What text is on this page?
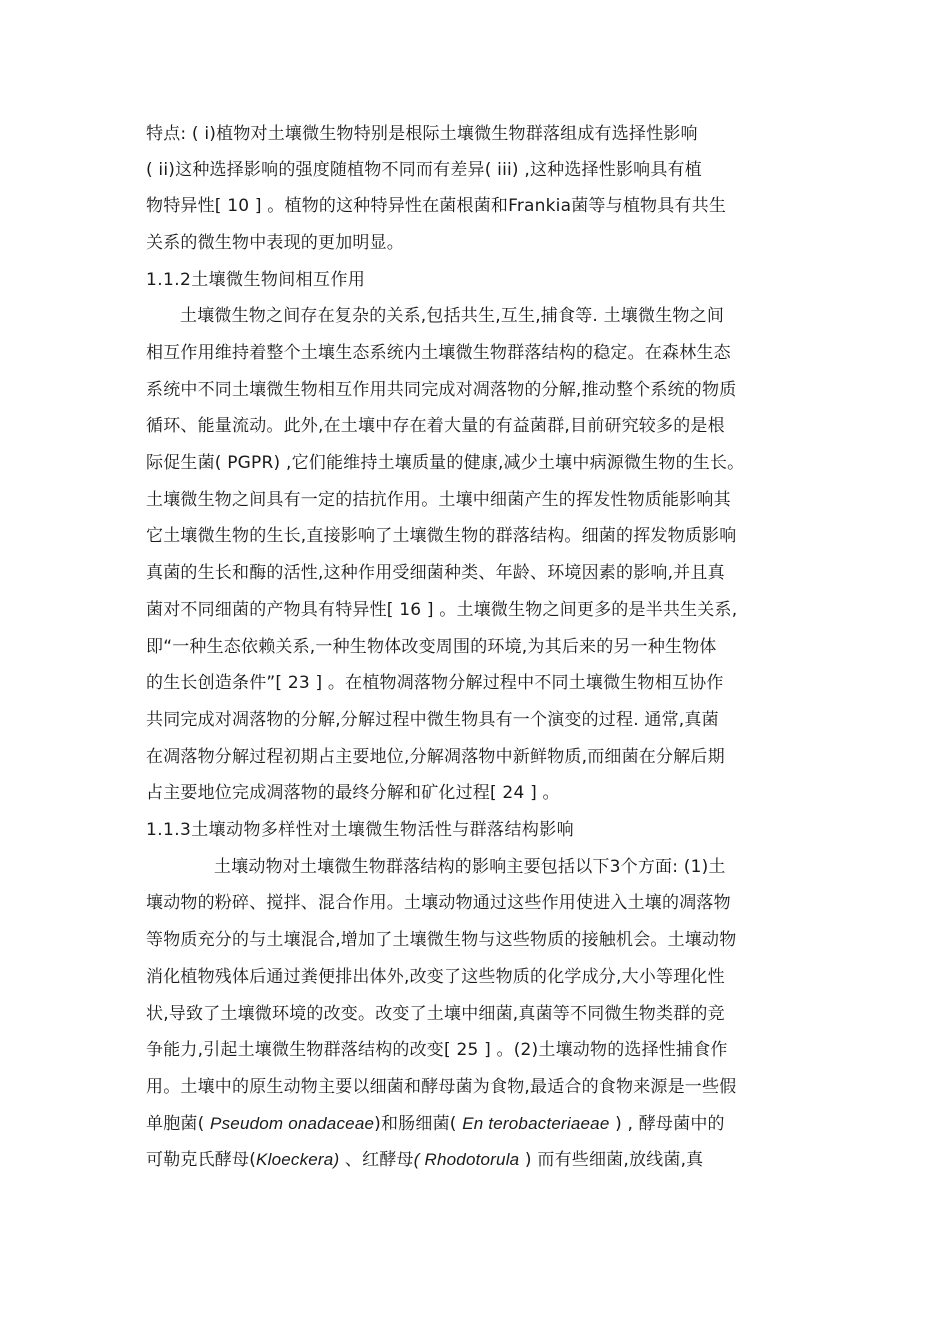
特点: ( i)植物对土壤微生物特别是根际土壤微生物群落组成有选择性影响
( ii)这种选择影响的强度随植物不同而有差异( iii) ,这种选择性影响具有植
物特异性[ 10 ] 。植物的这种特异性在菌根菌和Frankia菌等与植物具有共生
关系的微生物中表现的更加明显。
1.1.2土壤微生物间相互作用
土壤微生物之间存在复杂的关系,包括共生,互生,捕食等. 土壤微生物之间
相互作用维持着整个土壤生态系统内土壤微生物群落结构的稳定。在森林生态
系统中不同土壤微生物相互作用共同完成对凋落物的分解,推动整个系统的物质
循环、能量流动。此外,在土壤中存在着大量的有益菌群,目前研究较多的是根
际促生菌( PGPR) ,它们能维持土壤质量的健康,减少土壤中病源微生物的生长。
土壤微生物之间具有一定的拮抗作用。土壤中细菌产生的挥发性物质能影响其
它土壤微生物的生长,直接影响了土壤微生物的群落结构。细菌的挥发物质影响
真菌的生长和酶的活性,这种作用受细菌种类、年龄、环境因素的影响,并且真
菌对不同细菌的产物具有特异性[ 16 ] 。土壤微生物之间更多的是半共生关系,
即“一种生态依赖关系,一种生物体改变周围的环境,为其后来的另一种生物体
的生长创造条件”[ 23 ] 。在植物凋落物分解过程中不同土壤微生物相互协作
共同完成对凋落物的分解,分解过程中微生物具有一个演变的过程. 通常,真菌
在凋落物分解过程初期占主要地位,分解凋落物中新鲜物质,而细菌在分解后期
占主要地位完成凋落物的最终分解和矿化过程[ 24 ] 。
1.1.3土壤动物多样性对土壤微生物活性与群落结构影响
土壤动物对土壤微生物群落结构的影响主要包括以下3个方面: (1)土
壤动物的粉碎、搅拌、混合作用。土壤动物通过这些作用使进入土壤的凋落物
等物质充分的与土壤混合,增加了土壤微生物与这些物质的接触机会。土壤动物
消化植物残体后通过粪便排出体外,改变了这些物质的化学成分,大小等理化性
状,导致了土壤微环境的改变。改变了土壤中细菌,真菌等不同微生物类群的竞
争能力,引起土壤微生物群落结构的改变[ 25 ] 。(2)土壤动物的选择性捕食作
用。土壤中的原生动物主要以细菌和酵母菌为食物,最适合的食物来源是一些假
单胞菌( Pseudom onadaceae)和肠细菌( En terobacteriaeae ) , 酵母菌中的
可勒克氏酵母(Kloeckera) 、红酵母( Rhodotorula ) 而有些细菌,放线菌,真
